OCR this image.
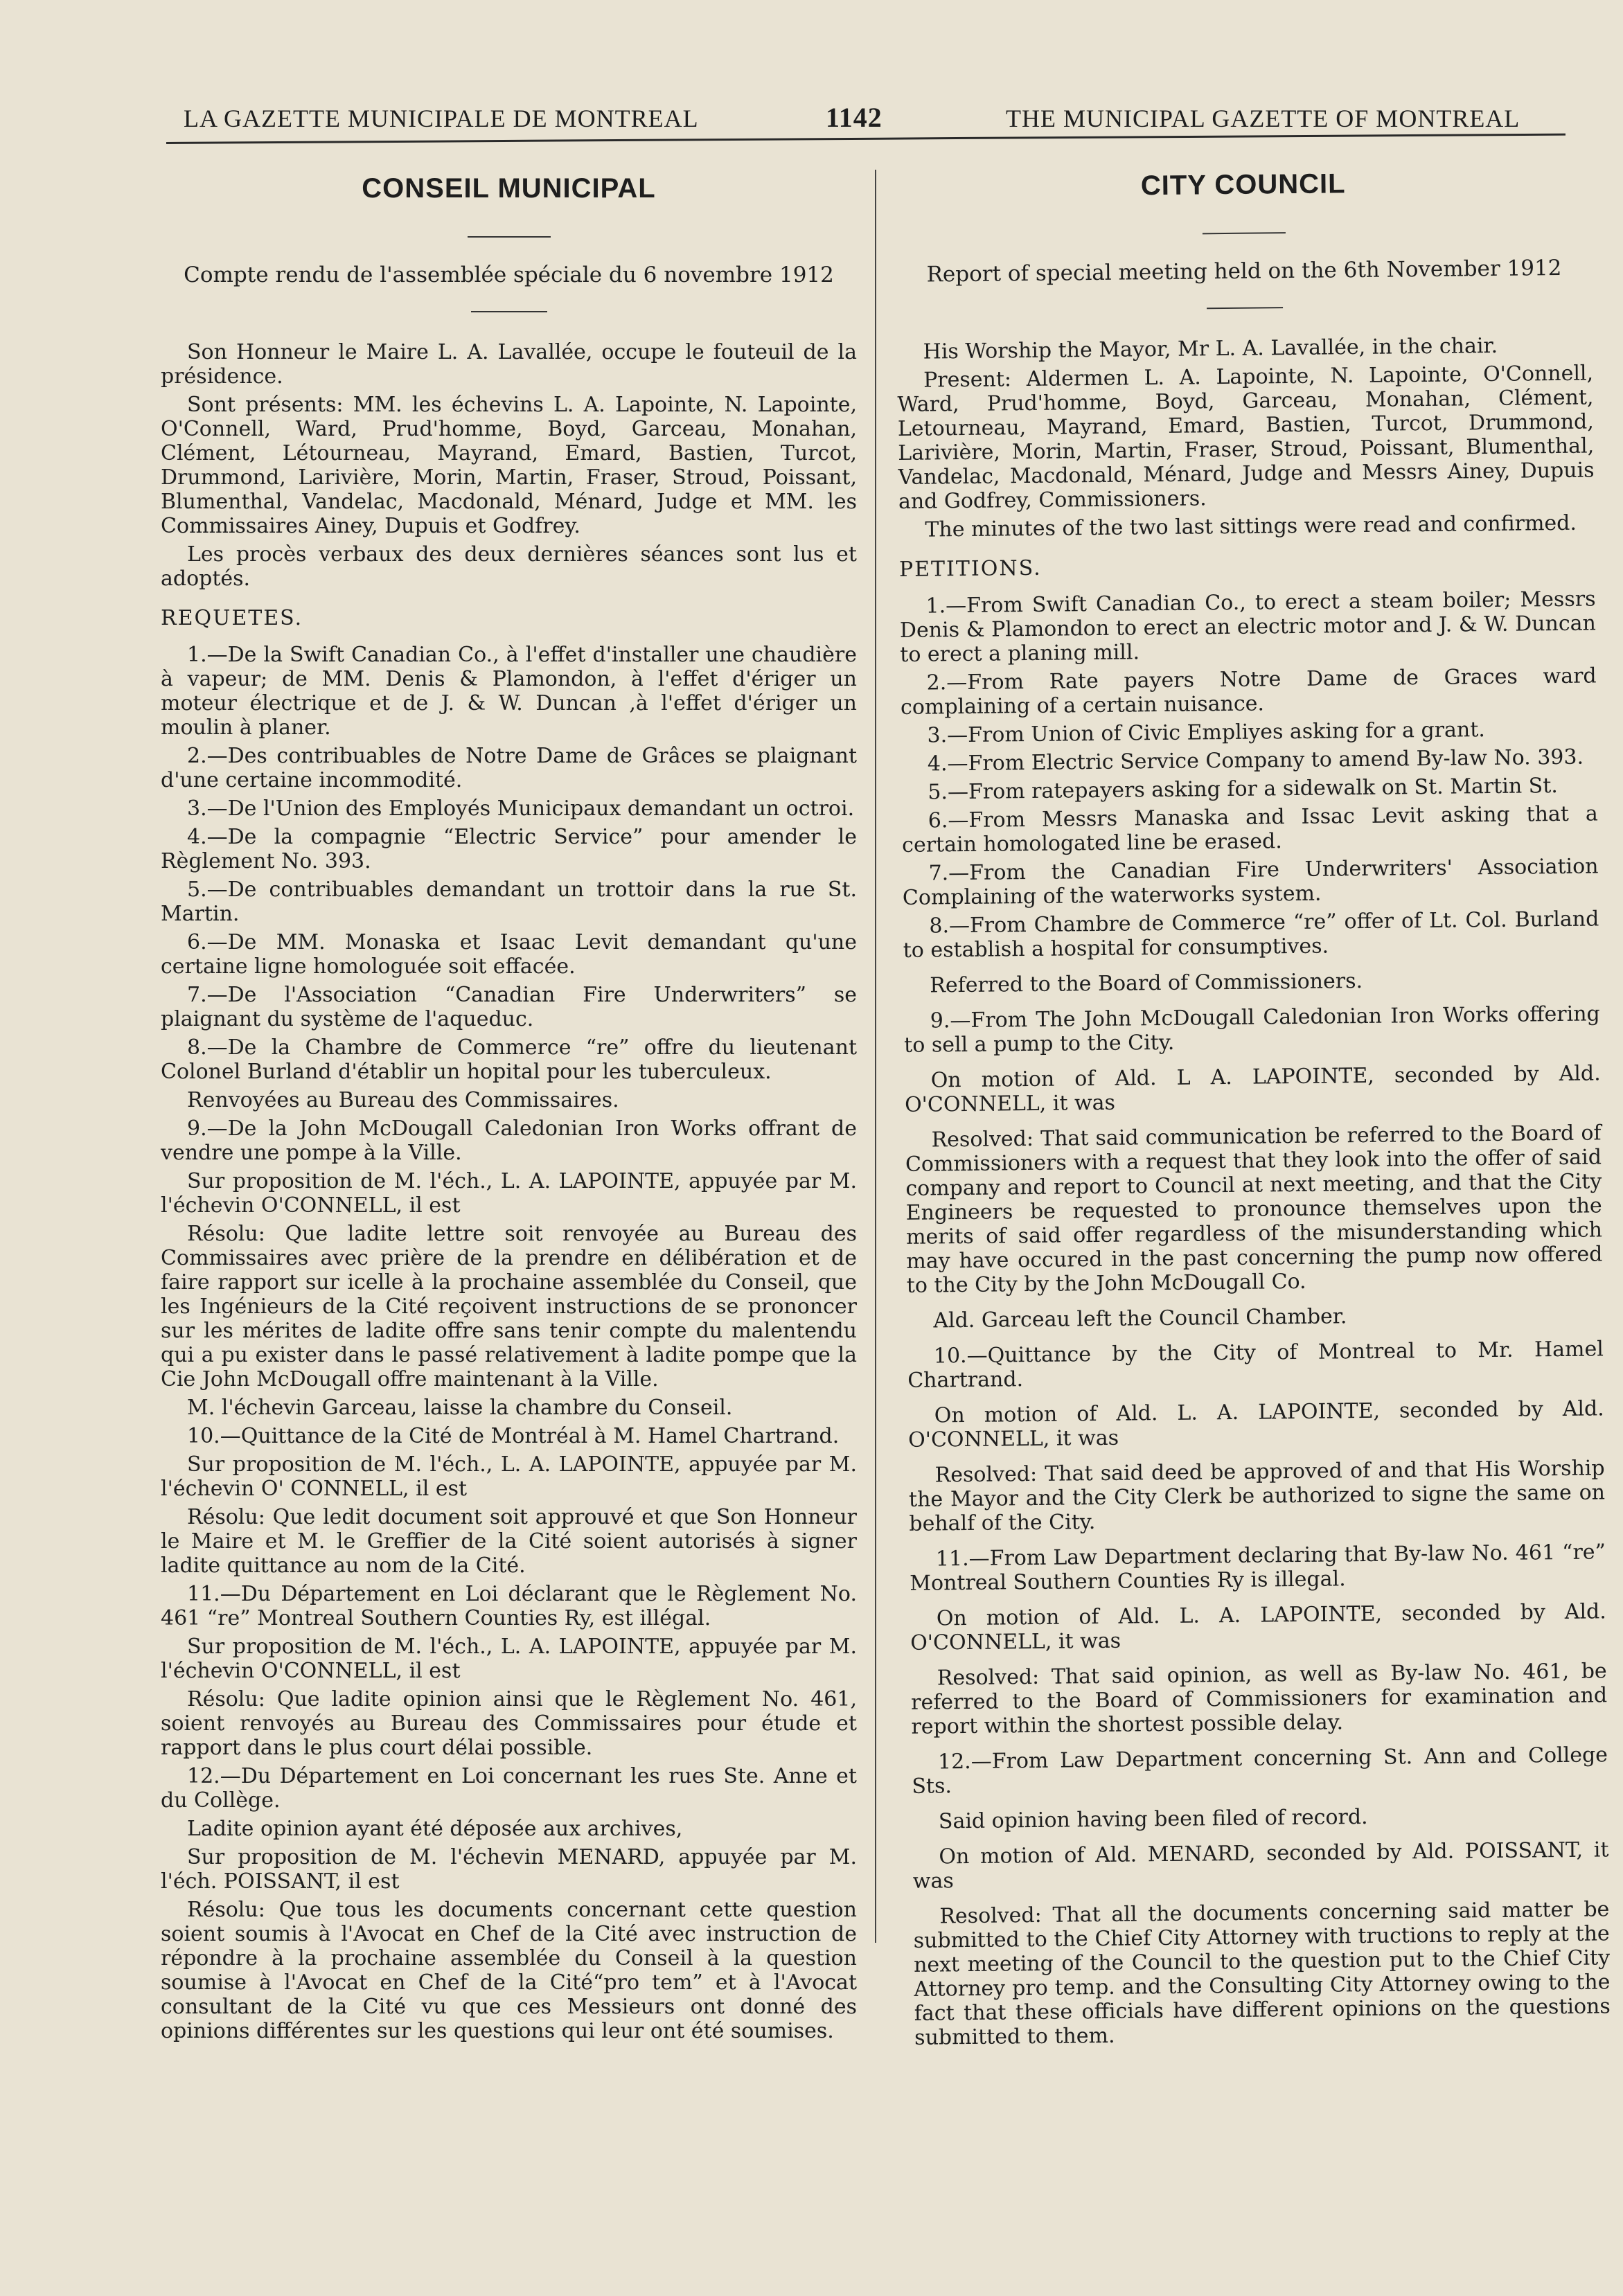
LA GAZETTE MUNICIPALE DE MONTREAL	1142	THE MUNICIPAL GAZETTE OF MONTREAL
CONSEIL MUNICIPAL
Compte rendu de l'assemblée spéciale du 6 novembre 1912

Son Honneur le Maire L. A. Lavallée, occupe le fouteuil de la présidence.

Sont présents: MM. les échevins L. A. Lapointe, N. Lapointe, O'Connell, Ward, Prud'homme, Boyd, Garceau, Monahan, Clément, Létourneau, Mayrand, Emard, Bastien, Turcot, Drummond, Larivière, Morin, Martin, Fraser, Stroud, Poissant, Blumenthal, Vandelac, Macdonald, Ménard, Judge et MM. les Commissaires Ainey, Dupuis et Godfrey.

Les procès verbaux des deux dernières séances sont lus et adoptés.

REQUETES.

1.—De la Swift Canadian Co., à l'effet d'installer une chaudière à vapeur; de MM. Denis & Plamondon, à l'effet d'ériger un moteur électrique et de J. & W. Duncan ,à l'effet d'ériger un moulin à planer.

2.—Des contribuables de Notre Dame de Grâces se plaignant d'une certaine incommodité.

3.—De l'Union des Employés Municipaux demandant un octroi.

4.—De la compagnie “Electric Service” pour amender le Règlement No. 393.

5.—De contribuables demandant un trottoir dans la rue St. Martin.

6.—De MM. Monaska et Isaac Levit demandant qu'une certaine ligne homologuée soit effacée.

7.—De l'Association “Canadian Fire Underwriters” se plaignant du système de l'aqueduc.

8.—De la Chambre de Commerce “re” offre du lieutenant Colonel Burland d'établir un hopital pour les tuberculeux.

Renvoyées au Bureau des Commissaires.

9.—De la John McDougall Caledonian Iron Works offrant de vendre une pompe à la Ville.

Sur proposition de M. l'éch., L. A. LAPOINTE, appuyée par M. l'échevin O'CONNELL, il est

Résolu: Que ladite lettre soit renvoyée au Bureau des Commissaires avec prière de la prendre en délibération et de faire rapport sur icelle à la prochaine assemblée du Conseil, que les Ingénieurs de la Cité reçoivent instructions de se prononcer sur les mérites de ladite offre sans tenir compte du malentendu qui a pu exister dans le passé relativement à ladite pompe que la Cie John McDougall offre maintenant à la Ville.

M. l'échevin Garceau, laisse la chambre du Conseil.

10.—Quittance de la Cité de Montréal à M. Hamel Chartrand.

Sur proposition de M. l'éch., L. A. LAPOINTE, appuyée par M. l'échevin O' CONNELL, il est

Résolu: Que ledit document soit approuvé et que Son Honneur le Maire et M. le Greffier de la Cité soient autorisés à signer ladite quittance au nom de la Cité.

11.—Du Département en Loi déclarant que le Règlement No. 461 “re” Montreal Southern Counties Ry, est illégal.

Sur proposition de M. l'éch., L. A. LAPOINTE, appuyée par M. l'échevin O'CONNELL, il est

Résolu: Que ladite opinion ainsi que le Règlement No. 461, soient renvoyés au Bureau des Commissaires pour étude et rapport dans le plus court délai possible.

12.—Du Département en Loi concernant les rues Ste. Anne et du Collège.

Ladite opinion ayant été déposée aux archives,

Sur proposition de M. l'échevin MENARD, appuyée par M. l'éch. POISSANT, il est

Résolu: Que tous les documents concernant cette question soient soumis à l'Avocat en Chef de la Cité avec instruction de répondre à la prochaine assemblée du Conseil à la question soumise à l'Avocat en Chef de la Cité“pro tem” et à l'Avocat consultant de la Cité vu que ces Messieurs ont donné des opinions différentes sur les questions qui leur ont été soumises.

CITY COUNCIL
Report of special meeting held on the 6th November 1912

His Worship the Mayor, Mr L. A. Lavallée, in the chair.

Present: Aldermen L. A. Lapointe, N. Lapointe, O'Connell, Ward, Prud'homme, Boyd, Garceau, Monahan, Clément, Letourneau, Mayrand, Emard, Bastien, Turcot, Drummond, Larivière, Morin, Martin, Fraser, Stroud, Poissant, Blumenthal, Vandelac, Macdonald, Ménard, Judge and Messrs Ainey, Dupuis and Godfrey, Commissioners.

The minutes of the two last sittings were read and confirmed.

PETITIONS.

1.—From Swift Canadian Co., to erect a steam boiler; Messrs Denis & Plamondon to erect an electric motor and J. & W. Duncan to erect a planing mill.

2.—From Rate payers Notre Dame de Graces ward complaining of a certain nuisance.

3.—From Union of Civic Empliyes asking for a grant.

4.—From Electric Service Company to amend By-law No. 393.

5.—From ratepayers asking for a sidewalk on St. Martin St.

6.—From Messrs Manaska and Issac Levit asking that a certain homologated line be erased.

7.—From the Canadian Fire Underwriters' Association Complaining of the waterworks system.

8.—From Chambre de Commerce “re” offer of Lt. Col. Burland to establish a hospital for consumptives.

Referred to the Board of Commissioners.

9.—From The John McDougall Caledonian Iron Works offering to sell a pump to the City.

On motion of Ald. L A. LAPOINTE, seconded by Ald. O'CONNELL, it was

Resolved: That said communication be referred to the Board of Commissioners with a request that they look into the offer of said company and report to Council at next meeting, and that the City Engineers be requested to pronounce themselves upon the merits of said offer regardless of the misunderstanding which may have occured in the past concerning the pump now offered to the City by the John McDougall Co.

Ald. Garceau left the Council Chamber.

10.—Quittance by the City of Montreal to Mr. Hamel Chartrand.

On motion of Ald. L. A. LAPOINTE, seconded by Ald. O'CONNELL, it was

Resolved: That said deed be approved of and that His Worship the Mayor and the City Clerk be authorized to signe the same on behalf of the City.

11.—From Law Department declaring that By-law No. 461 “re” Montreal Southern Counties Ry is illegal.

On motion of Ald. L. A. LAPOINTE, seconded by Ald. O'CONNELL, it was

Resolved: That said opinion, as well as By-law No. 461, be referred to the Board of Commissioners for examination and report within the shortest possible delay.

12.—From Law Department concerning St. Ann and College Sts.

Said opinion having been filed of record.

On motion of Ald. MENARD, seconded by Ald. POISSANT, it was

Resolved: That all the documents concerning said matter be submitted to the Chief City Attorney with tructions to reply at the next meeting of the Council to the question put to the Chief City Attorney pro temp. and the Consulting City Attorney owing to the fact that these officials have different opinions on the questions submitted to them.
